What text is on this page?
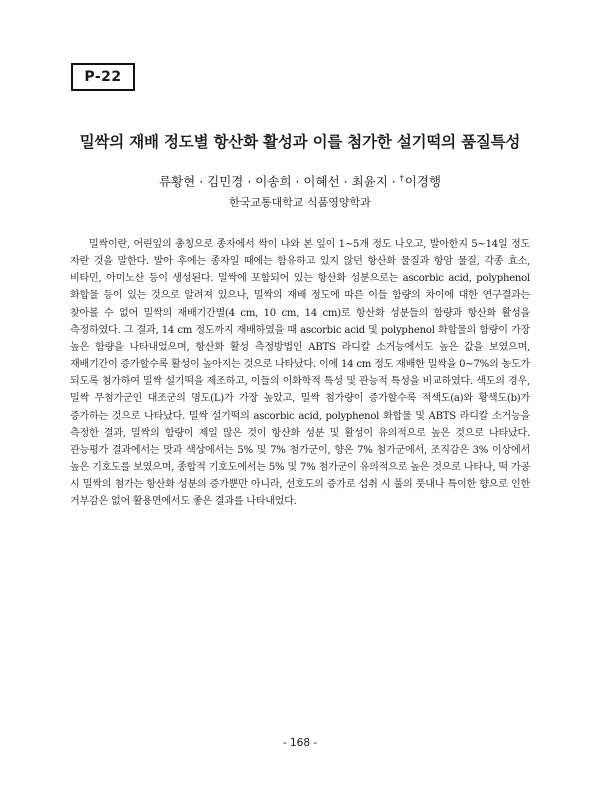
P-22
밀싹의 재배 정도별 항산화 활성과 이를 첨가한 설기떡의 품질특성
류황현 · 김민경 · 이송희 · 이혜선 · 최윤지 · †이경행
한국교통대학교 식품영양학과

밀싹이란, 어린잎의 총칭으로 종자에서 싹이 나와 본 잎이 1~5개 정도 나오고, 발아한지 5~14일 정도 자란 것을 말한다. 발아 후에는 종자일 때에는 함유하고 있지 않던 항산화 물질과 항암 물질, 각종 효소, 비타민, 아미노산 등이 생성된다. 밀싹에 포함되어 있는 항산화 성분으로는 ascorbic acid, polyphenol 화합물 등이 있는 것으로 알려져 있으나, 밀싹의 재배 정도에 따른 이들 함량의 차이에 대한 연구결과는 찾아볼 수 없어 밀싹의 재배기간별(4 cm, 10 cm, 14 cm)로 항산화 성분들의 함량과 항산화 활성을 측정하였다. 그 결과, 14 cm 정도까지 재배하였을 때 ascorbic acid 및 polyphenol 화합물의 함량이 가장 높은 함량을 나타내었으며, 항산화 활성 측정방법인 ABTS 라디칼 소거능에서도 높은 값을 보였으며, 재배기간이 증가할수록 활성이 높아지는 것으로 나타났다. 이에 14 cm 정도 재배한 밀싹을 0~7%의 농도가 되도록 첨가하여 밀싹 설기떡을 제조하고, 이들의 이화학적 특성 및 관능적 특성을 비교하였다. 색도의 경우, 밀싹 무첨가군인 대조군의 명도(L)가 가장 높았고, 밀싹 첨가량이 증가할수록 적색도(a)와 황색도(b)가 증가하는 것으로 나타났다. 밀싹 설기떡의 ascorbic acid, polyphenol 화합물 및 ABTS 라디칼 소거능을 측정한 결과, 밀싹의 함량이 제일 많은 것이 항산화 성분 및 활성이 유의적으로 높은 것으로 나타났다. 관능평가 결과에서는 맛과 색상에서는 5% 및 7% 첨가군이, 향은 7% 첨가군에서, 조직감은 3% 이상에서 높은 기호도를 보였으며, 종합적 기호도에서는 5% 및 7% 첨가군이 유의적으로 높은 것으로 나타나, 떡 가공 시 밀싹의 첨가는 항산화 성분의 증가뿐만 아니라, 선호도의 증가로 섭취 시 풀의 풋내나 특이한 향으로 인한 거부감은 없어 활용면에서도 좋은 결과를 나타내었다.

- 168 -
